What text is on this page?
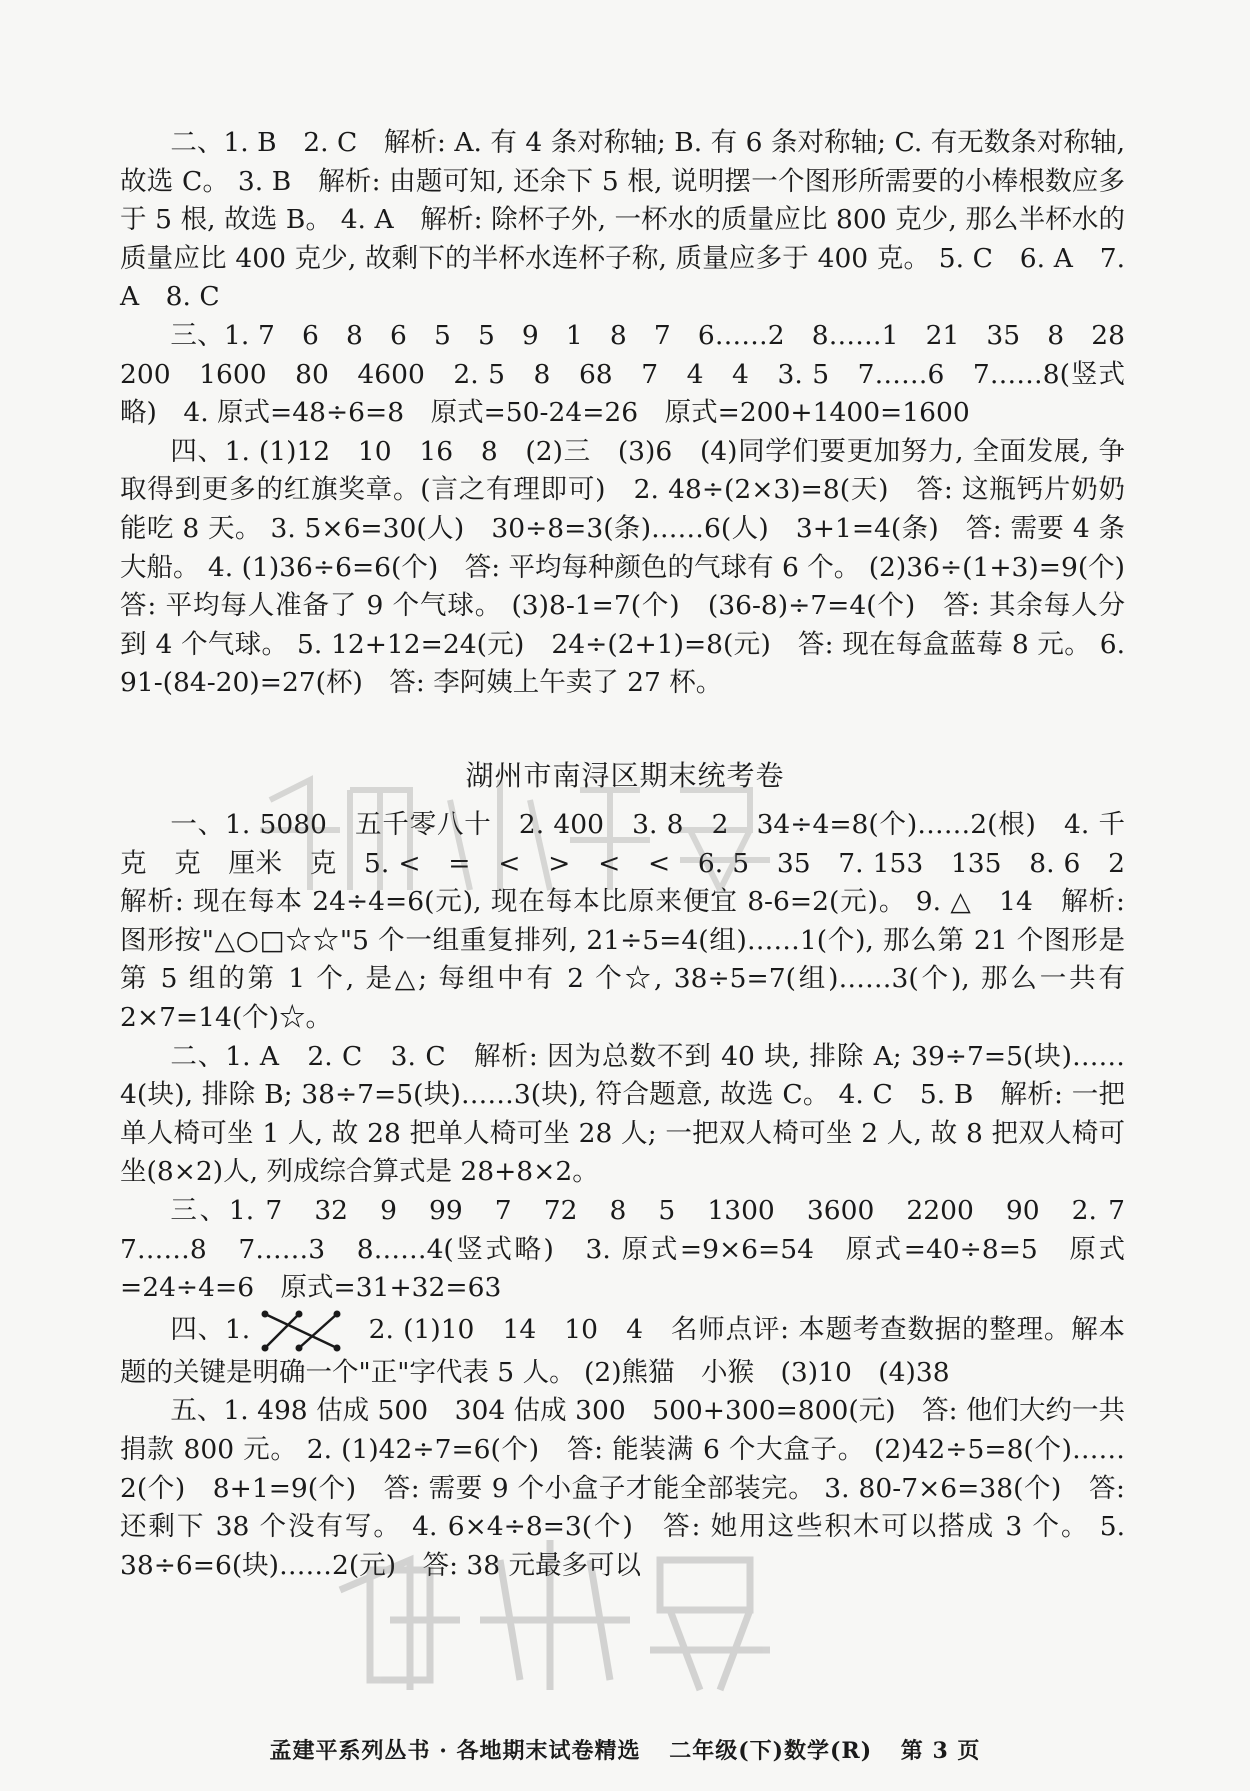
二、1. B　2. C　解析: A. 有 4 条对称轴; B. 有 6 条对称轴; C. 有无数条对称轴, 故选 C。 3. B　解析: 由题可知, 还余下 5 根, 说明摆一个图形所需要的小棒根数应多于 5 根, 故选 B。 4. A　解析: 除杯子外, 一杯水的质量应比 800 克少, 那么半杯水的质量应比 400 克少, 故剩下的半杯水连杯子称, 质量应多于 400 克。 5. C　6. A　7. A　8. C

三、1. 7　6　8　6　5　5　9　1　8　7　6……2　8……1　21　35　8　28　200　1600　80　4600　2. 5　8　68　7　4　4　3. 5　7……6　7……8(竖式略)　4. 原式=48÷6=8　原式=50-24=26　原式=200+1400=1600

四、1. (1)12　10　16　8　(2)三　(3)6　(4)同学们要更加努力, 全面发展, 争取得到更多的红旗奖章。(言之有理即可)　2. 48÷(2×3)=8(天)　答: 这瓶钙片奶奶能吃 8 天。 3. 5×6=30(人)　30÷8=3(条)……6(人)　3+1=4(条)　答: 需要 4 条大船。 4. (1)36÷6=6(个)　答: 平均每种颜色的气球有 6 个。 (2)36÷(1+3)=9(个)　答: 平均每人准备了 9 个气球。 (3)8-1=7(个)　(36-8)÷7=4(个)　答: 其余每人分到 4 个气球。 5. 12+12=24(元)　24÷(2+1)=8(元)　答: 现在每盒蓝莓 8 元。 6. 91-(84-20)=27(杯)　答: 李阿姨上午卖了 27 杯。

湖州市南浔区期末统考卷

一、1. 5080　五千零八十　2. 400　3. 8　2　34÷4=8(个)……2(根)　4. 千克　克　厘米　克　5. <　=　<　>　<　<　6. 5　35　7. 153　135　8. 6　2　解析: 现在每本 24÷4=6(元), 现在每本比原来便宜 8-6=2(元)。 9. △　14　解析: 图形按"△○□☆☆"5 个一组重复排列, 21÷5=4(组)……1(个), 那么第 21 个图形是第 5 组的第 1 个, 是△; 每组中有 2 个☆, 38÷5=7(组)……3(个), 那么一共有 2×7=14(个)☆。

二、1. A　2. C　3. C　解析: 因为总数不到 40 块, 排除 A; 39÷7=5(块)……4(块), 排除 B; 38÷7=5(块)……3(块), 符合题意, 故选 C。 4. C　5. B　解析: 一把单人椅可坐 1 人, 故 28 把单人椅可坐 28 人; 一把双人椅可坐 2 人, 故 8 把双人椅可坐(8×2)人, 列成综合算式是 28+8×2。

三、1. 7　32　9　99　7　72　8　5　1300　3600　2200　90　2. 7　7……8　7……3　8……4(竖式略)　3. 原式=9×6=54　原式=40÷8=5　原式=24÷4=6　原式=31+32=63

四、1.	2. (1)10　14　10　4　名师点评: 本题考查数据的整理。解本题的关键是明确一个"正"字代表 5 人。 (2)熊猫　小猴　(3)10　(4)38

五、1. 498 估成 500　304 估成 300　500+300=800(元)　答: 他们大约一共捐款 800 元。 2. (1)42÷7=6(个)　答: 能装满 6 个大盒子。 (2)42÷5=8(个)……2(个)　8+1=9(个)　答: 需要 9 个小盒子才能全部装完。 3. 80-7×6=38(个)　答: 还剩下 38 个没有写。 4. 6×4÷8=3(个)　答: 她用这些积木可以搭成 3 个。 5. 38÷6=6(块)……2(元)　答: 38 元最多可以

孟建平系列丛书 · 各地期末试卷精选 二年级(下)数学(R) 第 3 页
